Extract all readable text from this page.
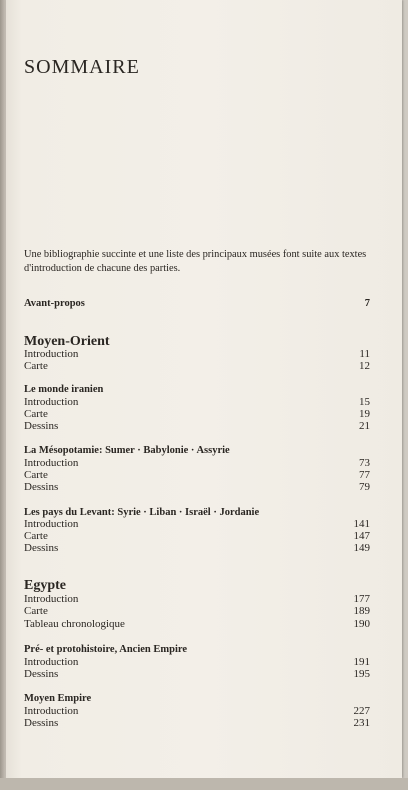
SOMMAIRE
Une bibliographie succinte et une liste des principaux musées font suite aux textes d'introduction de chacune des parties.
Avant-propos	7
Moyen-Orient
Introduction	11
Carte	12
Le monde iranien
Introduction	15
Carte	19
Dessins	21
La Mésopotamie: Sumer · Babylonie · Assyrie
Introduction	73
Carte	77
Dessins	79
Les pays du Levant: Syrie · Liban · Israël · Jordanie
Introduction	141
Carte	147
Dessins	149
Egypte
Introduction	177
Carte	189
Tableau chronologique	190
Pré- et protohistoire, Ancien Empire
Introduction	191
Dessins	195
Moyen Empire
Introduction	227
Dessins	231
